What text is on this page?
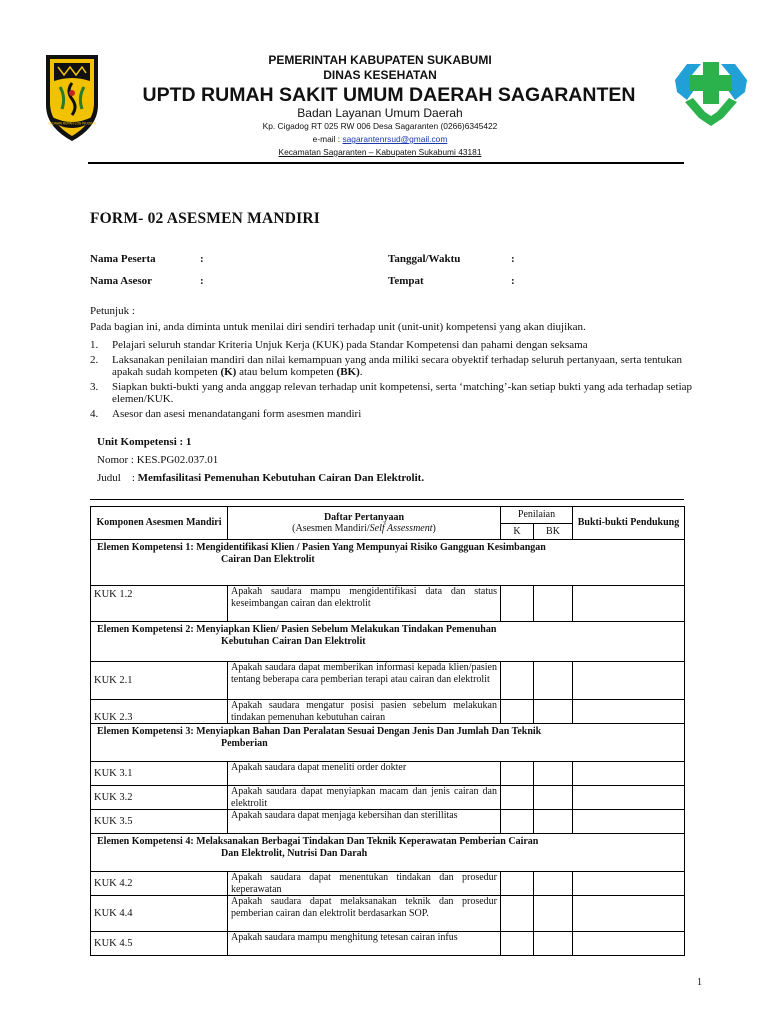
SEDAWN RUPAH LOH PAJOIMA
PEMERINTAH KABUPATEN SUKABUMI
DINAS KESEHATAN
UPTD RUMAH SAKIT UMUM DAERAH SAGARANTEN
Badan Layanan Umum Daerah
Kp. Cigadog RT 025 RW 006 Desa Sagaranten (0266)6345422
e-mail : sagarantenrsud@gmail.com
Kecamatan Sagaranten – Kabupaten Sukabumi 43181
FORM- 02 ASESMEN MANDIRI
Nama Peserta	:	Tanggal/Waktu	:
Nama Asesor	:	Tempat	:
Petunjuk :
Pada bagian ini, anda diminta untuk menilai diri sendiri terhadap unit (unit-unit) kompetensi yang akan diujikan.
1.	Pelajari seluruh standar Kriteria Unjuk Kerja (KUK) pada Standar Kompetensi dan pahami dengan seksama
2.	Laksanakan penilaian mandiri dan nilai kemampuan yang anda miliki secara obyektif terhadap seluruh pertanyaan, serta tentukan apakah sudah kompeten (K) atau belum kompeten (BK).
3.	Siapkan bukti-bukti yang anda anggap relevan terhadap unit kompetensi, serta ‘matching’-kan setiap bukti yang ada terhadap setiap elemen/KUK.
4.	Asesor dan asesi menandatangani form asesmen mandiri
Unit Kompetensi : 1
Nomor : KES.PG02.037.01
Judul    : Memfasilitasi Pemenuhan Kebutuhan Cairan Dan Elektrolit.
Komponen Asesmen Mandiri	Daftar Pertanyaan
(Asesmen Mandiri/Self Assessment)	Penilaian		Bukti-bukti Pendukung
		K	BK	

Elemen Kompetensi 1: Mengidentifikasi Klien / Pasien Yang Mempunyai Risiko Gangguan Kesimbangan
Cairan Dan Elektrolit				

KUK 1.2	Apakah saudara mampu mengidentifikasi data dan status keseimbangan cairan dan elektrolit			

Elemen Kompetensi 2: Menyiapkan Klien/ Pasien Sebelum Melakukan Tindakan Pemenuhan
Kebutuhan Cairan Dan Elektrolit				

KUK 2.1	Apakah saudara dapat memberikan informasi kepada klien/pasien tentang beberapa cara pemberian terapi atau cairan dan elektrolit			
KUK 2.3	Apakah saudara mengatur posisi pasien sebelum melakukan tindakan pemenuhan kebutuhan cairan			

Elemen Kompetensi 3: Menyiapkan Bahan Dan Peralatan Sesuai Dengan Jenis Dan Jumlah Dan Teknik
Pemberian				

KUK 3.1	Apakah saudara dapat meneliti order dokter			
KUK 3.2	Apakah saudara dapat menyiapkan macam dan jenis cairan dan elektrolit			
KUK 3.5	Apakah saudara dapat menjaga kebersihan dan sterillitas			

Elemen Kompetensi 4: Melaksanakan Berbagai Tindakan Dan Teknik Keperawatan Pemberian Cairan
Dan Elektrolit, Nutrisi Dan Darah				

KUK 4.2	Apakah saudara dapat menentukan tindakan dan prosedur keperawatan			
KUK 4.4	Apakah saudara dapat melaksanakan teknik dan prosedur pemberian cairan dan elektrolit berdasarkan SOP.			
KUK 4.5	Apakah saudara mampu menghitung tetesan cairan infus			
1
